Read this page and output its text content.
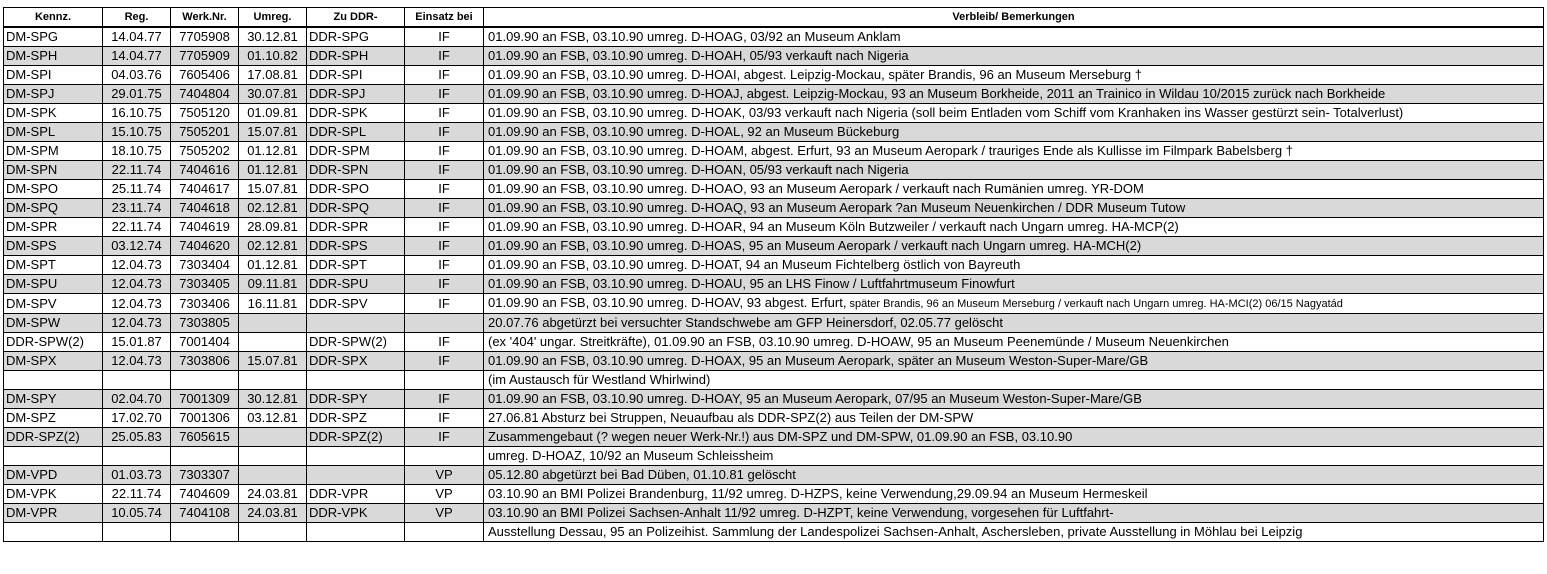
Kennz.	Reg.	Werk.Nr.	Umreg.	Zu DDR-	Einsatz bei	Verbleib/ Bemerkungen
DM-SPG	14.04.77	7705908	30.12.81	DDR-SPG	IF	01.09.90 an FSB, 03.10.90 umreg. D-HOAG, 03/92 an Museum Anklam
DM-SPH	14.04.77	7705909	01.10.82	DDR-SPH	IF	01.09.90 an FSB, 03.10.90 umreg. D-HOAH, 05/93 verkauft nach Nigeria
DM-SPI	04.03.76	7605406	17.08.81	DDR-SPI	IF	01.09.90 an FSB, 03.10.90 umreg. D-HOAI, abgest. Leipzig-Mockau, später Brandis, 96 an Museum Merseburg †
DM-SPJ	29.01.75	7404804	30.07.81	DDR-SPJ	IF	01.09.90 an FSB, 03.10.90 umreg. D-HOAJ, abgest. Leipzig-Mockau, 93 an Museum Borkheide, 2011 an Trainico in Wildau 10/2015 zurück nach Borkheide
DM-SPK	16.10.75	7505120	01.09.81	DDR-SPK	IF	01.09.90 an FSB, 03.10.90 umreg. D-HOAK, 03/93 verkauft nach Nigeria (soll beim Entladen vom Schiff vom Kranhaken ins Wasser gestürzt sein- Totalverlust)
DM-SPL	15.10.75	7505201	15.07.81	DDR-SPL	IF	01.09.90 an FSB, 03.10.90 umreg. D-HOAL, 92 an Museum Bückeburg
DM-SPM	18.10.75	7505202	01.12.81	DDR-SPM	IF	01.09.90 an FSB, 03.10.90 umreg. D-HOAM, abgest. Erfurt, 93 an Museum Aeropark / trauriges Ende als Kullisse im Filmpark Babelsberg †
DM-SPN	22.11.74	7404616	01.12.81	DDR-SPN	IF	01.09.90 an FSB, 03.10.90 umreg. D-HOAN, 05/93 verkauft nach Nigeria
DM-SPO	25.11.74	7404617	15.07.81	DDR-SPO	IF	01.09.90 an FSB, 03.10.90 umreg. D-HOAO, 93 an Museum Aeropark / verkauft nach Rumänien umreg. YR-DOM
DM-SPQ	23.11.74	7404618	02.12.81	DDR-SPQ	IF	01.09.90 an FSB, 03.10.90 umreg. D-HOAQ, 93 an Museum Aeropark ?an Museum Neuenkirchen / DDR Museum Tutow
DM-SPR	22.11.74	7404619	28.09.81	DDR-SPR	IF	01.09.90 an FSB, 03.10.90 umreg. D-HOAR, 94 an Museum Köln Butzweiler / verkauft nach Ungarn umreg. HA-MCP(2)
DM-SPS	03.12.74	7404620	02.12.81	DDR-SPS	IF	01.09.90 an FSB, 03.10.90 umreg. D-HOAS, 95 an Museum Aeropark / verkauft nach Ungarn umreg. HA-MCH(2)
DM-SPT	12.04.73	7303404	01.12.81	DDR-SPT	IF	01.09.90 an FSB, 03.10.90 umreg. D-HOAT, 94 an Museum Fichtelberg östlich von Bayreuth
DM-SPU	12.04.73	7303405	09.11.81	DDR-SPU	IF	01.09.90 an FSB, 03.10.90 umreg. D-HOAU, 95 an LHS Finow / Luftfahrtmuseum Finowfurt
DM-SPV	12.04.73	7303406	16.11.81	DDR-SPV	IF	01.09.90 an FSB, 03.10.90 umreg. D-HOAV, 93 abgest. Erfurt, später Brandis, 96 an Museum Merseburg / verkauft nach Ungarn umreg. HA-MCI(2) 06/15 Nagyatád
DM-SPW	12.04.73	7303805				20.07.76 abgetürzt bei versuchter Standschwebe am GFP Heinersdorf, 02.05.77 gelöscht
DDR-SPW(2)	15.01.87	7001404		DDR-SPW(2)	IF	(ex '404' ungar. Streitkräfte), 01.09.90 an FSB, 03.10.90 umreg. D-HOAW, 95 an Museum Peenemünde / Museum Neuenkirchen
DM-SPX	12.04.73	7303806	15.07.81	DDR-SPX	IF	01.09.90 an FSB, 03.10.90 umreg. D-HOAX, 95 an Museum Aeropark, später an Museum Weston-Super-Mare/GB
						(im Austausch für Westland Whirlwind)
DM-SPY	02.04.70	7001309	30.12.81	DDR-SPY	IF	01.09.90 an FSB, 03.10.90 umreg. D-HOAY, 95 an Museum Aeropark, 07/95 an Museum Weston-Super-Mare/GB
DM-SPZ	17.02.70	7001306	03.12.81	DDR-SPZ	IF	27.06.81 Absturz bei Struppen, Neuaufbau als DDR-SPZ(2) aus Teilen der DM-SPW
DDR-SPZ(2)	25.05.83	7605615		DDR-SPZ(2)	IF	Zusammengebaut (? wegen neuer Werk-Nr.!) aus DM-SPZ und DM-SPW, 01.09.90 an FSB, 03.10.90
						umreg. D-HOAZ, 10/92 an Museum Schleissheim
DM-VPD	01.03.73	7303307			VP	05.12.80 abgetürzt bei Bad Düben, 01.10.81 gelöscht
DM-VPK	22.11.74	7404609	24.03.81	DDR-VPR	VP	03.10.90 an BMI Polizei Brandenburg, 11/92 umreg. D-HZPS, keine Verwendung,29.09.94 an Museum Hermeskeil
DM-VPR	10.05.74	7404108	24.03.81	DDR-VPK	VP	03.10.90 an BMI Polizei Sachsen-Anhalt 11/92 umreg. D-HZPT, keine Verwendung, vorgesehen für Luftfahrt-
						Ausstellung Dessau, 95 an Polizeihist. Sammlung der Landespolizei Sachsen-Anhalt, Aschersleben, private Ausstellung in Möhlau bei Leipzig
